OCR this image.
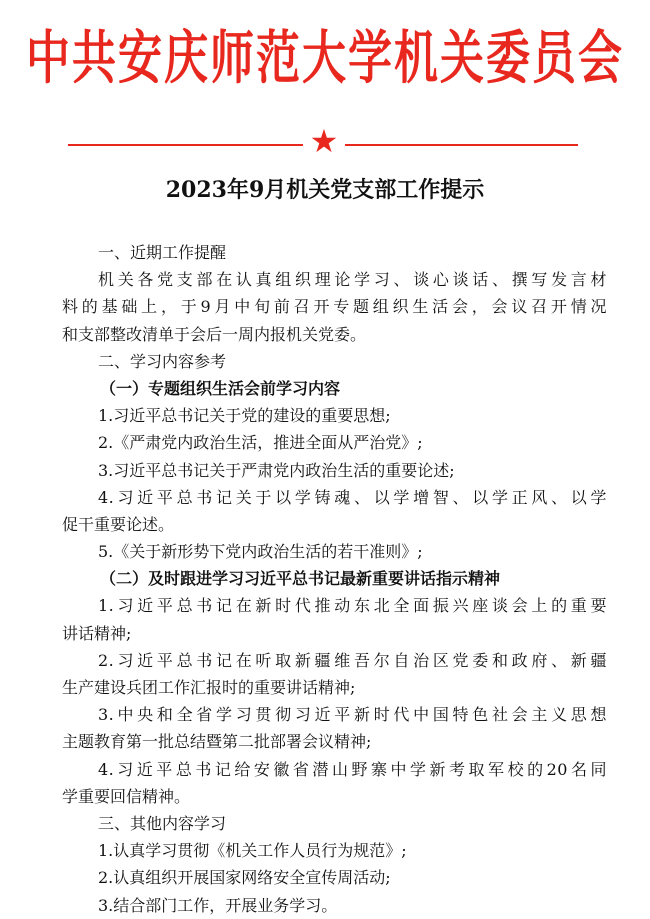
中共安庆师范大学机关委员会
★
2023年9月机关党支部工作提示
一、近期工作提醒
机关各党支部在认真组织理论学习、谈心谈话、撰写发言材
料的基础上，于9月中旬前召开专题组织生活会，会议召开情况
和支部整改清单于会后一周内报机关党委。
二、学习内容参考
（一）专题组织生活会前学习内容
1.习近平总书记关于党的建设的重要思想;
2.《严肃党内政治生活，推进全面从严治党》;
3.习近平总书记关于严肃党内政治生活的重要论述;
4.习近平总书记关于以学铸魂、以学增智、以学正风、以学
促干重要论述。
5.《关于新形势下党内政治生活的若干准则》;
（二）及时跟进学习习近平总书记最新重要讲话指示精神
1.习近平总书记在新时代推动东北全面振兴座谈会上的重要
讲话精神;
2.习近平总书记在听取新疆维吾尔自治区党委和政府、新疆
生产建设兵团工作汇报时的重要讲话精神;
3.中央和全省学习贯彻习近平新时代中国特色社会主义思想
主题教育第一批总结暨第二批部署会议精神;
4.习近平总书记给安徽省潜山野寨中学新考取军校的20名同
学重要回信精神。
三、其他内容学习
1.认真学习贯彻《机关工作人员行为规范》;
2.认真组织开展国家网络安全宣传周活动;
3.结合部门工作，开展业务学习。
